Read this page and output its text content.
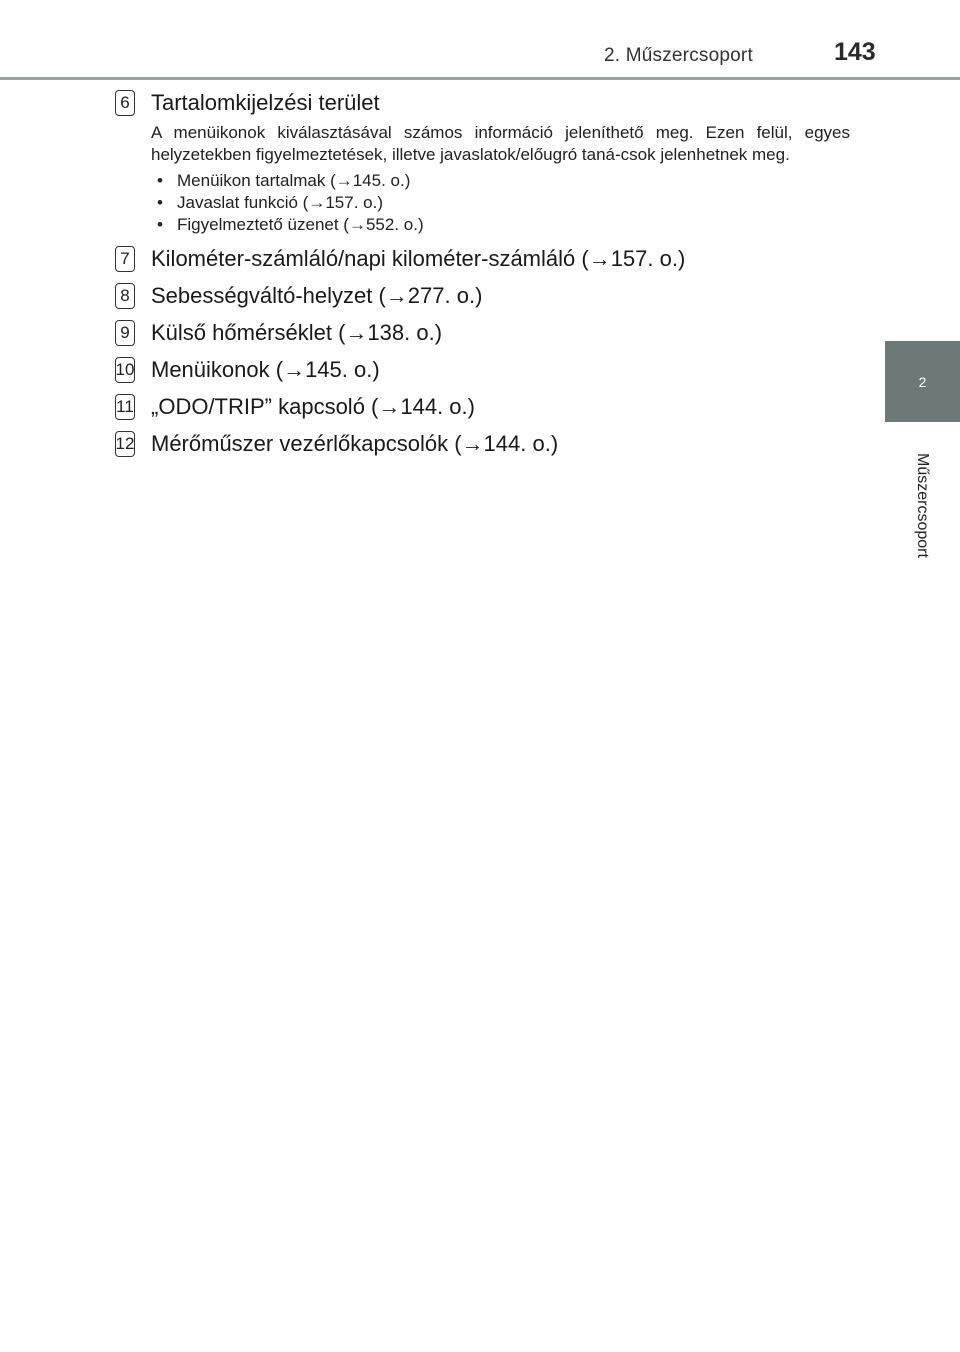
2. Műszercsoport	143
2
Műszercsoport
6 Tartalomkijelzési terület
A menüikonok kiválasztásával számos információ jeleníthető meg. Ezen felül, egyes helyzetekben figyelmeztetések, illetve javaslatok/előugró taná-csok jelenhetnek meg.
• Menüikon tartalmak (→145. o.)
• Javaslat funkció (→157. o.)
• Figyelmeztető üzenet (→552. o.)
7 Kilométer-számláló/napi kilométer-számláló (→157. o.)
8 Sebességváltó-helyzet (→277. o.)
9 Külső hőmérséklet (→138. o.)
10 Menüikonok (→145. o.)
11 „ODO/TRIP” kapcsoló (→144. o.)
12 Mérőműszer vezérlőkapcsolók (→144. o.)
